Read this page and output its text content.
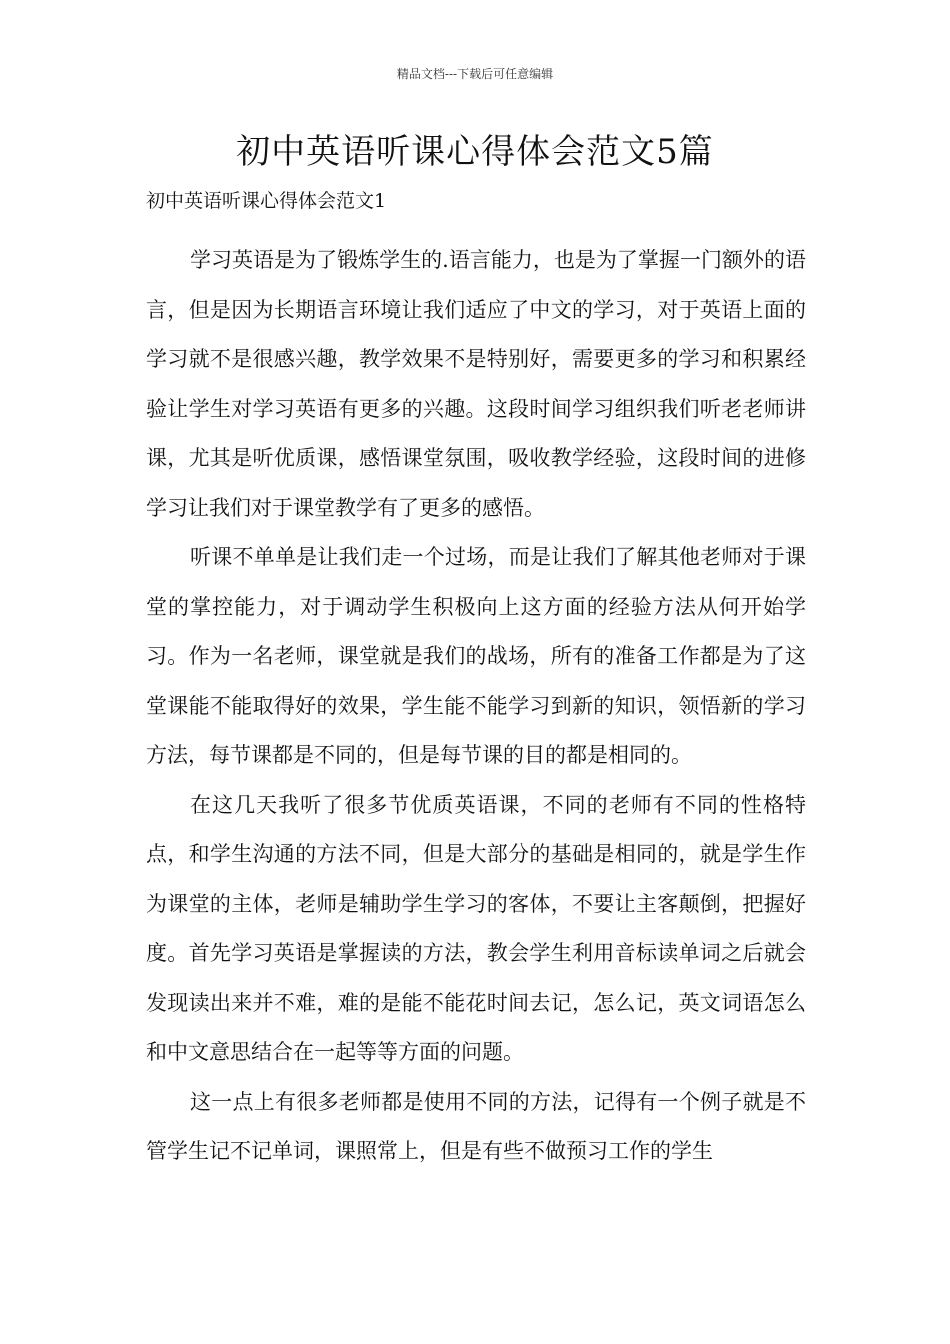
精品文档---下载后可任意编辑
初中英语听课心得体会范文5篇
初中英语听课心得体会范文1

学习英语是为了锻炼学生的.语言能力，也是为了掌握一门额外的语言，但是因为长期语言环境让我们适应了中文的学习，对于英语上面的学习就不是很感兴趣，教学效果不是特别好，需要更多的学习和积累经验让学生对学习英语有更多的兴趣。这段时间学习组织我们听老老师讲课，尤其是听优质课，感悟课堂氛围，吸收教学经验，这段时间的进修学习让我们对于课堂教学有了更多的感悟。

听课不单单是让我们走一个过场，而是让我们了解其他老师对于课堂的掌控能力，对于调动学生积极向上这方面的经验方法从何开始学习。作为一名老师，课堂就是我们的战场，所有的准备工作都是为了这堂课能不能取得好的效果，学生能不能学习到新的知识，领悟新的学习方法，每节课都是不同的，但是每节课的目的都是相同的。

在这几天我听了很多节优质英语课，不同的老师有不同的性格特点，和学生沟通的方法不同，但是大部分的基础是相同的，就是学生作为课堂的主体，老师是辅助学生学习的客体，不要让主客颠倒，把握好度。首先学习英语是掌握读的方法，教会学生利用音标读单词之后就会发现读出来并不难，难的是能不能花时间去记，怎么记，英文词语怎么和中文意思结合在一起等等方面的问题。

这一点上有很多老师都是使用不同的方法，记得有一个例子就是不管学生记不记单词，课照常上，但是有些不做预习工作的学生
